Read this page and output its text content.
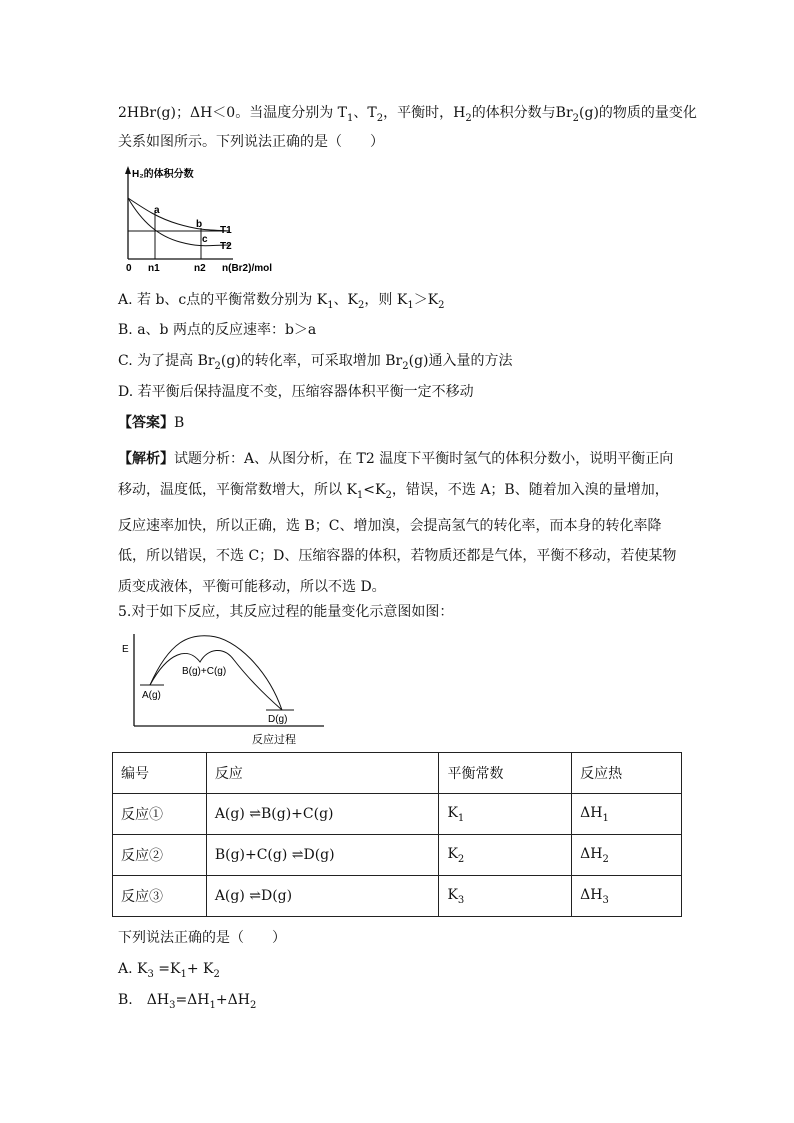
2HBr(g)；ΔH＜0。当温度分别为 $T_1$、$T_2$，平衡时，$H_2$的体积分数与$Br_2(g)$的物质的量变化
关系如图所示。下列说法正确的是（　　）
H₂的体积分数
a
b
c
T1
T2
0 n1	n2 n(Br2)/mol
A. 若 b、c点的平衡常数分别为 $K_1$、$K_2$，则 $K_1>K_2$
B. a、b 两点的反应速率：b＞a
C. 为了提高 $Br_2(g)$的转化率，可采取增加 $Br_2(g)$通入量的方法
D. 若平衡后保持温度不变，压缩容器体积平衡一定不移动
【答案】B
【解析】试题分析：A、从图分析，在 T2 温度下平衡时氢气的体积分数小，说明平衡正向移动，温度低，平衡常数增大，所以 $K_1<K_2$，错误，不选 A；B、随着加入溴的量增加，反应速率加快，所以正确，选 B；C、增加溴，会提高氢气的转化率，而本身的转化率降低，所以错误，不选 C；D、压缩容器的体积，若物质还都是气体，平衡不移动，若使某物质变成液体，平衡可能移动，所以不选 D。
5.对于如下反应，其反应过程的能量变化示意图如图：
E
A(g)
B(g)+C(g)
D(g)
反应过程
编号	反应	平衡常数	反应热
反应①	A(g) ⇌B(g)+C(g)	$K_1$	$\Delta H_1$
反应②	B(g)+C(g) ⇌D(g)	$K_2$	$\Delta H_2$
反应③	A(g) ⇌D(g)	$K_3$	$\Delta H_3$
下列说法正确的是（　　）
A. $K_3 =K_1+ K_2$
B.　$\Delta H_3=\Delta H_1+\Delta H_2$
